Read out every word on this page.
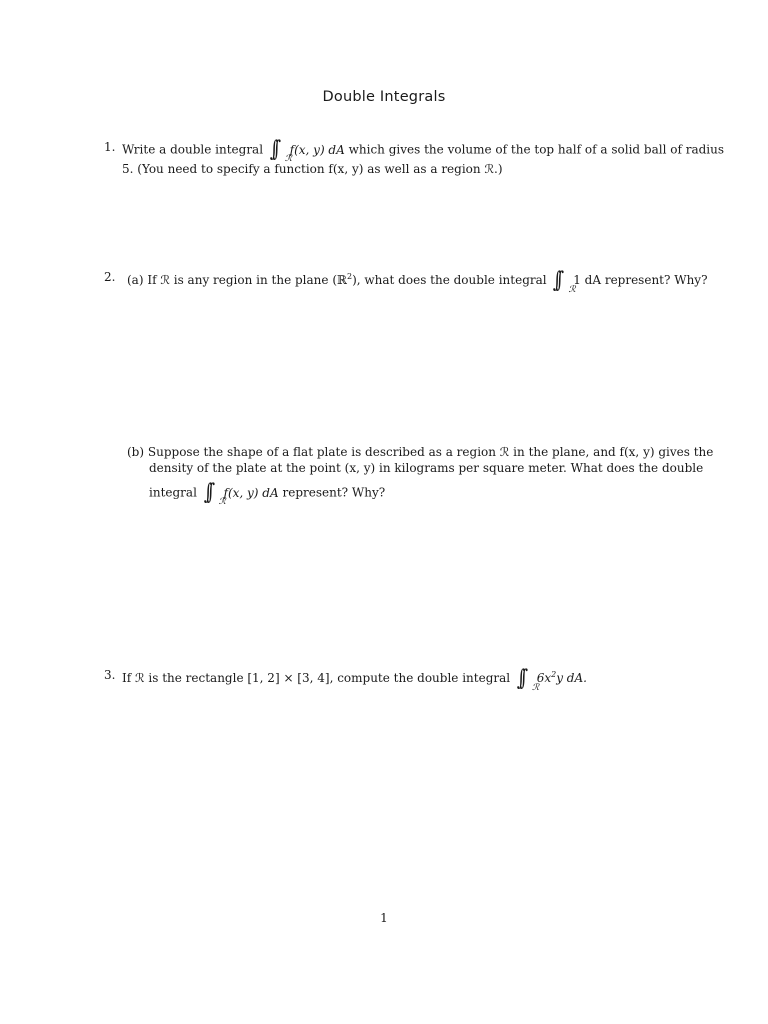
Double Integrals
1. Write a double integral ∫∫ ℛ
f(x, y) dA which gives the volume of the top half of a solid ball of radius
5. (You need to specify a function f(x, y) as well as a region ℛ.)
2. (a) If ℛ is any region in the plane (ℝ$^2$), what does the double integral ∫∫ ℛ
1 dA represent? Why?
(b) Suppose the shape of a flat plate is described as a region ℛ in the plane, and f(x, y) gives the
density of the plate at the point (x, y) in kilograms per square meter. What does the double
integral ∫∫ ℛ
f(x, y) dA represent? Why?
3. If ℛ is the rectangle [1, 2] × [3, 4], compute the double integral ∫∫ ℛ
$6x^2y$ dA.
1
